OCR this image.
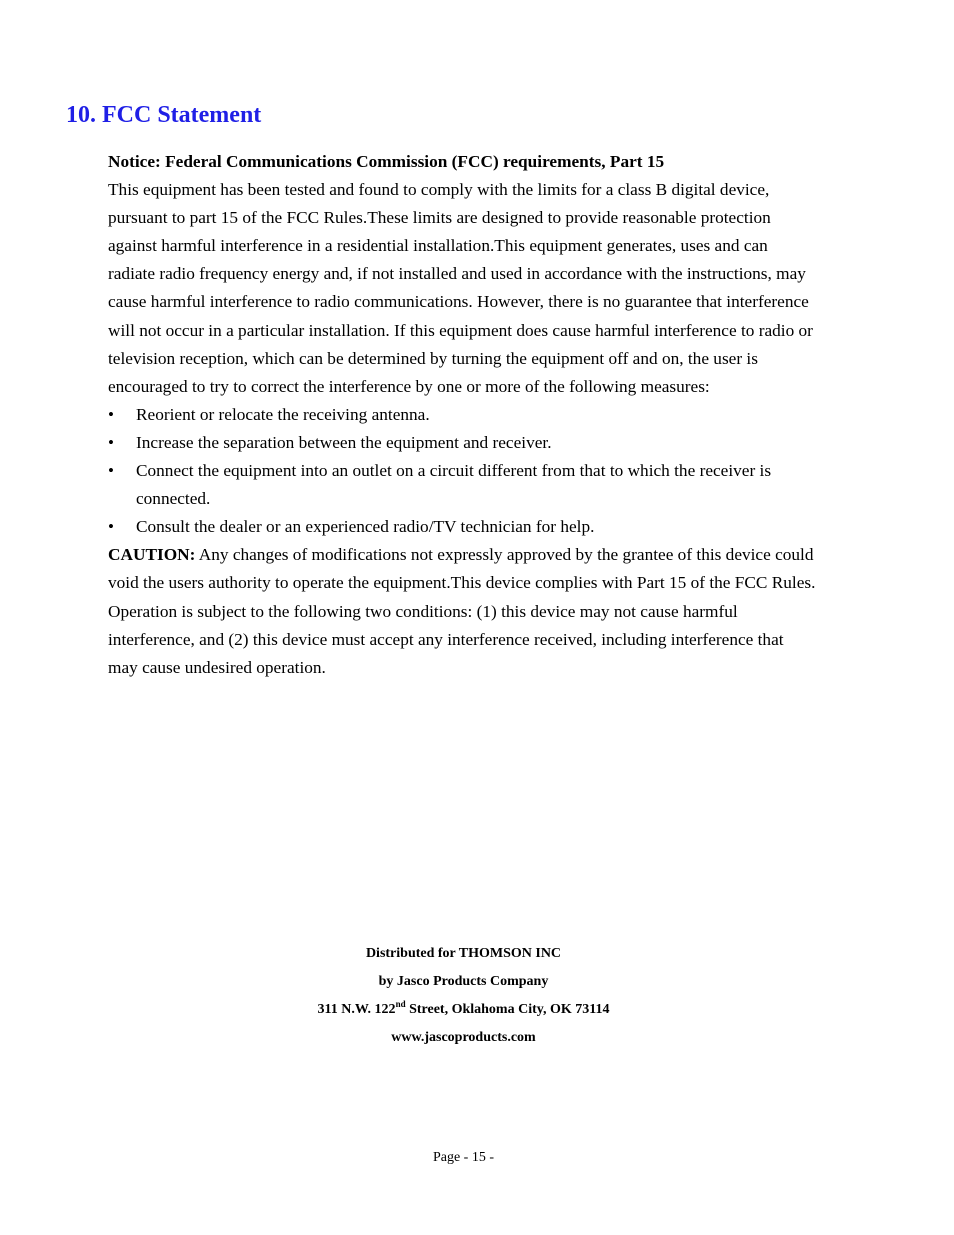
10. FCC Statement

Notice: Federal Communications Commission (FCC) requirements, Part 15

This equipment has been tested and found to comply with the limits for a class B digital device,
pursuant to part 15 of the FCC Rules.These limits are designed to provide reasonable protection
against harmful interference in a residential installation.This equipment generates, uses and can
radiate radio frequency energy and, if not installed and used in accordance with the instructions, may
cause harmful interference to radio communications. However, there is no guarantee that interference
will not occur in a particular installation. If this equipment does cause harmful interference to radio or
television reception, which can be determined by turning the equipment off and on, the user is
encouraged to try to correct the interference by one or more of the following measures:

• Reorient or relocate the receiving antenna.
• Increase the separation between the equipment and receiver.
• Connect the equipment into an outlet on a circuit different from that to which the receiver is
connected.
• Consult the dealer or an experienced radio/TV technician for help.

CAUTION: Any changes of modifications not expressly approved by the grantee of this device could
void the users authority to operate the equipment.This device complies with Part 15 of the FCC Rules.
Operation is subject to the following two conditions: (1) this device may not cause harmful
interference, and (2) this device must accept any interference received, including interference that
may cause undesired operation.

Distributed for THOMSON INC

by Jasco Products Company

311 N.W. 122nd Street, Oklahoma City, OK 73114

www.jascoproducts.com

Page - 15 -
